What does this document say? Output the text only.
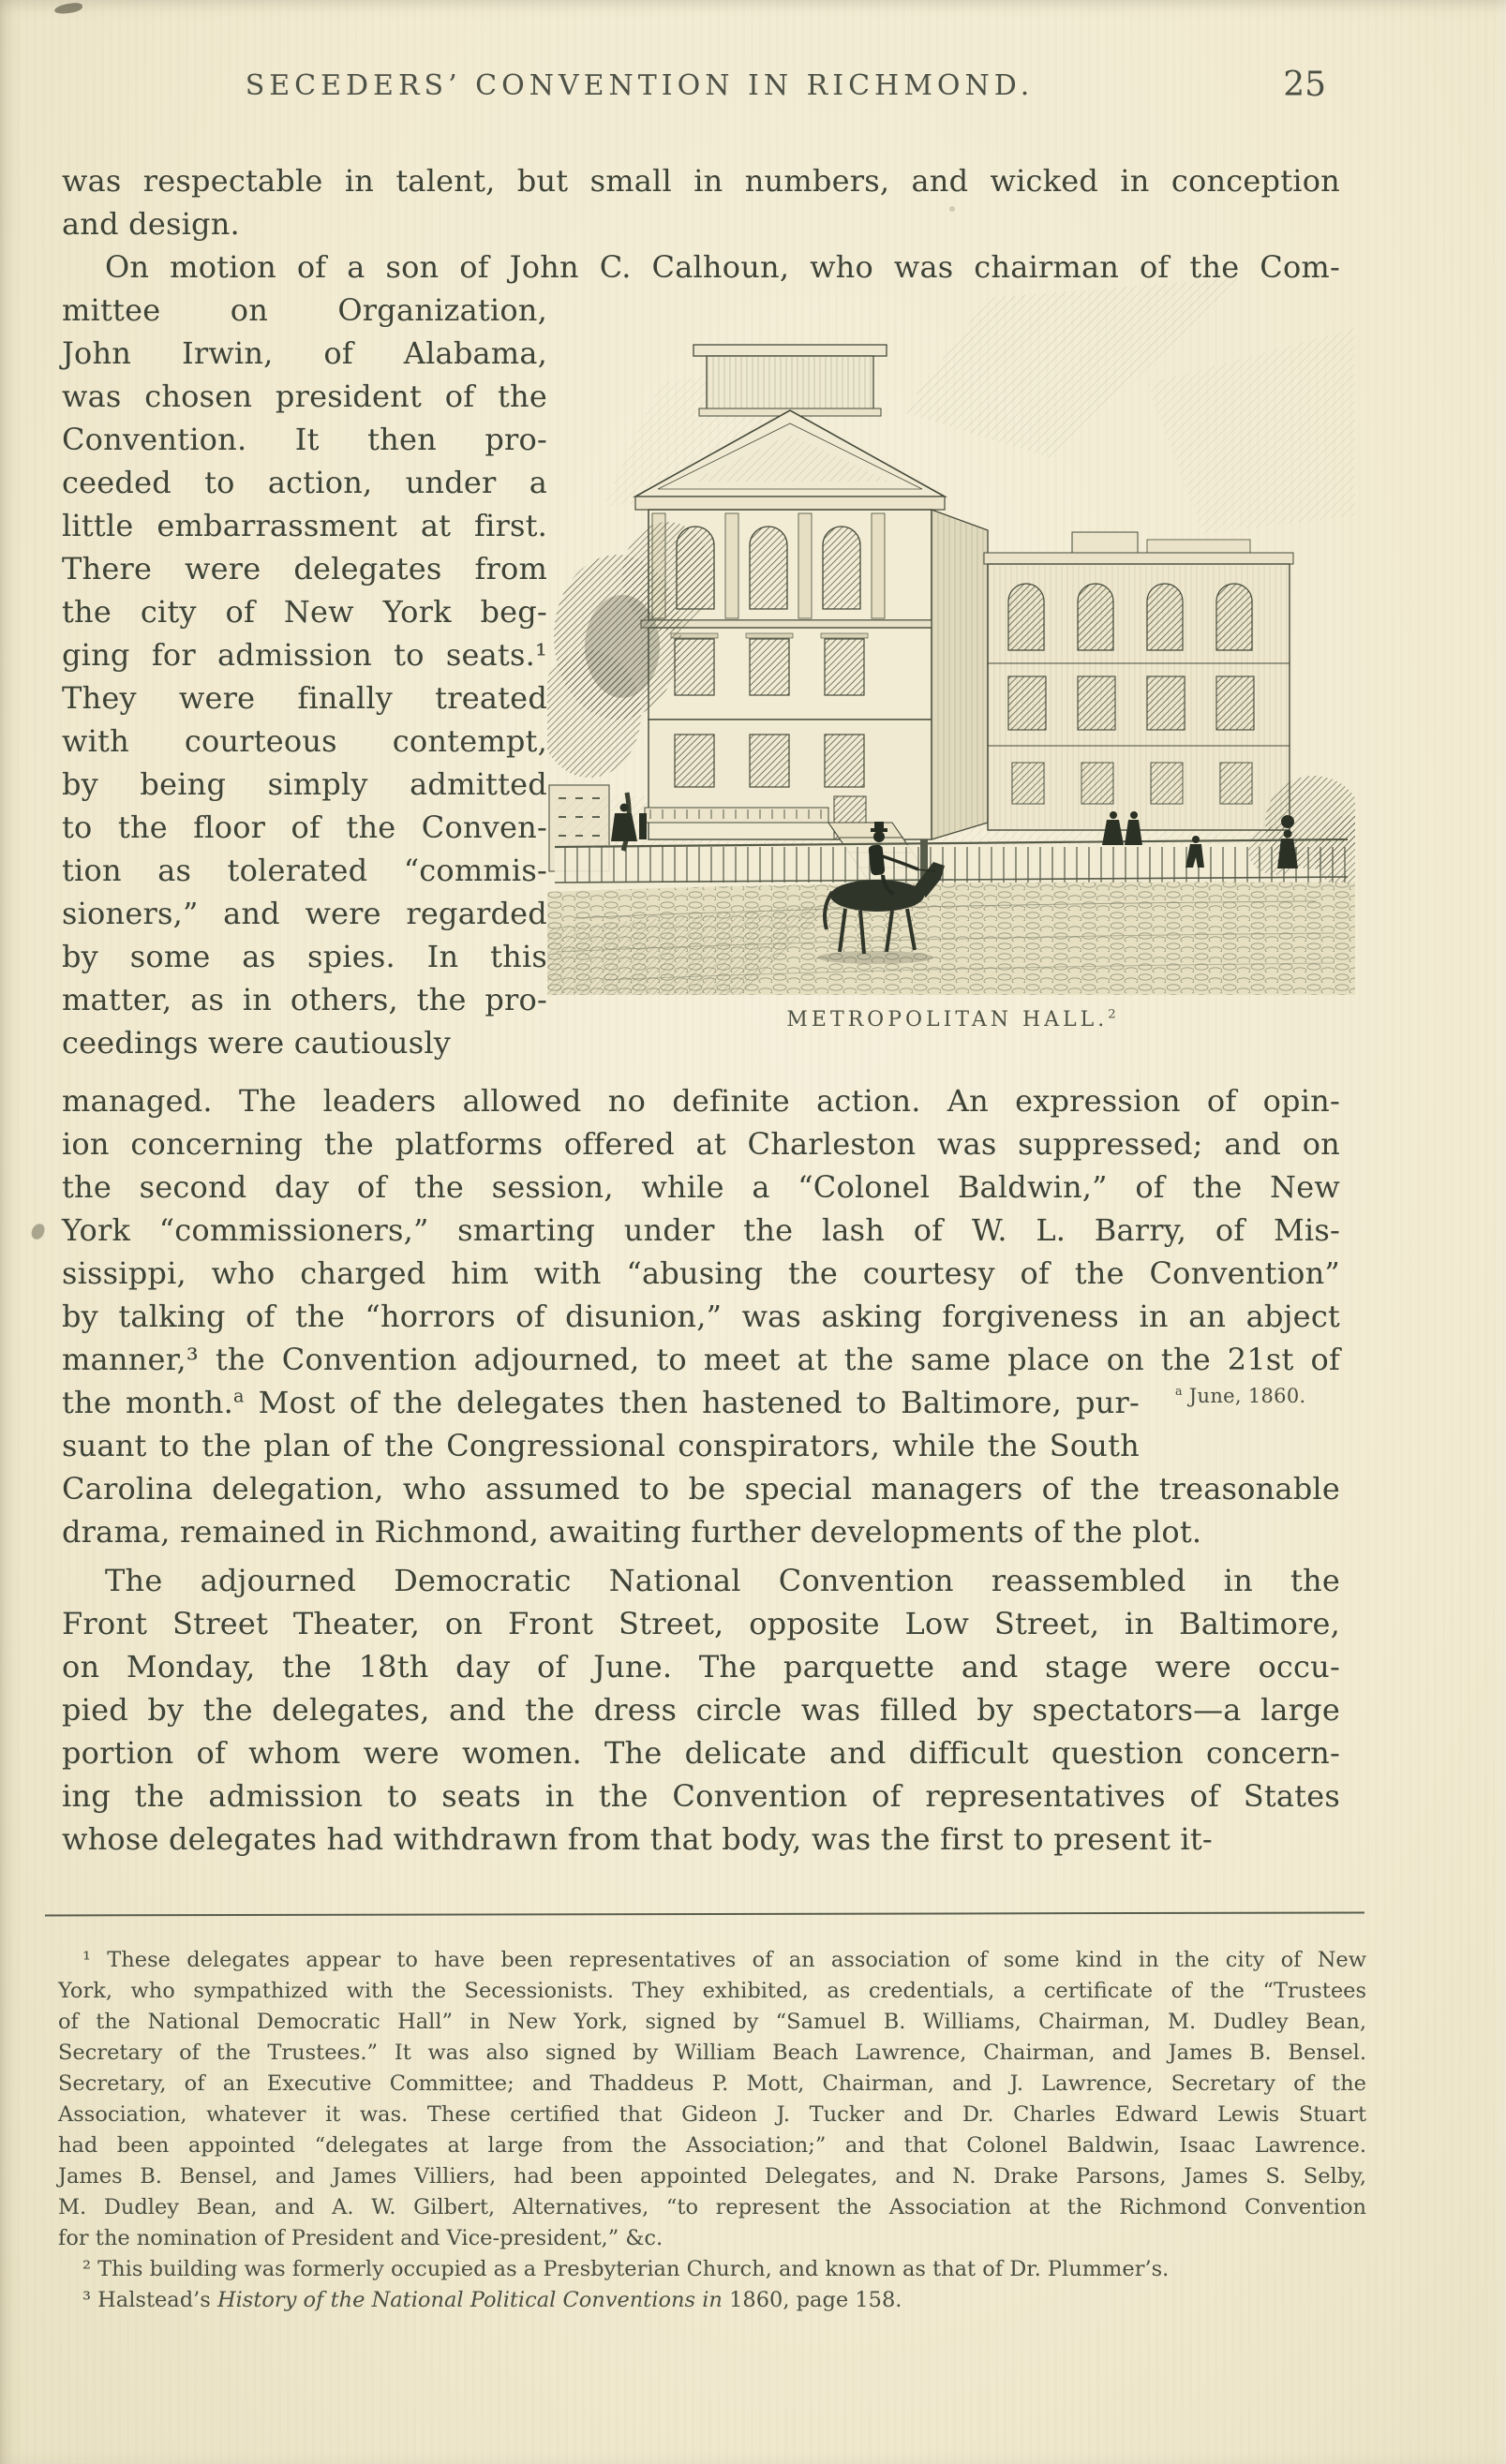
SECEDERS’ CONVENTION IN RICHMOND.	25
was respectable in talent, but small in numbers, and wicked in conception
and design.
On motion of a son of John C. Calhoun, who was chairman of the Com-
mittee on Organization,
John Irwin, of Alabama,
was chosen president of the
Convention. It then pro-
ceeded to action, under a
little embarrassment at first.
There were delegates from
the city of New York beg-
ging for admission to seats.¹
They were finally treated
with courteous contempt,
by being simply admitted
to the floor of the Conven-
tion as tolerated “commis-
sioners,” and were regarded
by some as spies. In this
matter, as in others, the pro-
ceedings were cautiously
METROPOLITAN HALL.$^2$
managed. The leaders allowed no definite action. An expression of opin-
ion concerning the platforms offered at Charleston was suppressed; and on
the second day of the session, while a “Colonel Baldwin,” of the New
York “commissioners,” smarting under the lash of W. L. Barry, of Mis-
sissippi, who charged him with “abusing the courtesy of the Convention”
by talking of the “horrors of disunion,” was asking forgiveness in an abject
manner,³ the Convention adjourned, to meet at the same place on the 21st of
the month.$^a$ Most of the delegates then hastened to Baltimore, pur-
suant to the plan of the Congressional conspirators, while the South
Carolina delegation, who assumed to be special managers of the treasonable
drama, remained in Richmond, awaiting further developments of the plot.
$^a$ June, 1860.
The adjourned Democratic National Convention reassembled in the
Front Street Theater, on Front Street, opposite Low Street, in Baltimore,
on Monday, the 18th day of June. The parquette and stage were occu-
pied by the delegates, and the dress circle was filled by spectators—a large
portion of whom were women. The delicate and difficult question concern-
ing the admission to seats in the Convention of representatives of States
whose delegates had withdrawn from that body, was the first to present it-
¹ These delegates appear to have been representatives of an association of some kind in the city of New
York, who sympathized with the Secessionists. They exhibited, as credentials, a certificate of the “Trustees
of the National Democratic Hall” in New York, signed by “Samuel B. Williams, Chairman, M. Dudley Bean,
Secretary of the Trustees.” It was also signed by William Beach Lawrence, Chairman, and James B. Bensel.
Secretary, of an Executive Committee; and Thaddeus P. Mott, Chairman, and J. Lawrence, Secretary of the
Association, whatever it was. These certified that Gideon J. Tucker and Dr. Charles Edward Lewis Stuart
had been appointed “delegates at large from the Association;” and that Colonel Baldwin, Isaac Lawrence.
James B. Bensel, and James Villiers, had been appointed Delegates, and N. Drake Parsons, James S. Selby,
M. Dudley Bean, and A. W. Gilbert, Alternatives, “to represent the Association at the Richmond Convention
for the nomination of President and Vice-president,” &c.
² This building was formerly occupied as a Presbyterian Church, and known as that of Dr. Plummer’s.
³ Halstead’s History of the National Political Conventions in 1860, page 158.
